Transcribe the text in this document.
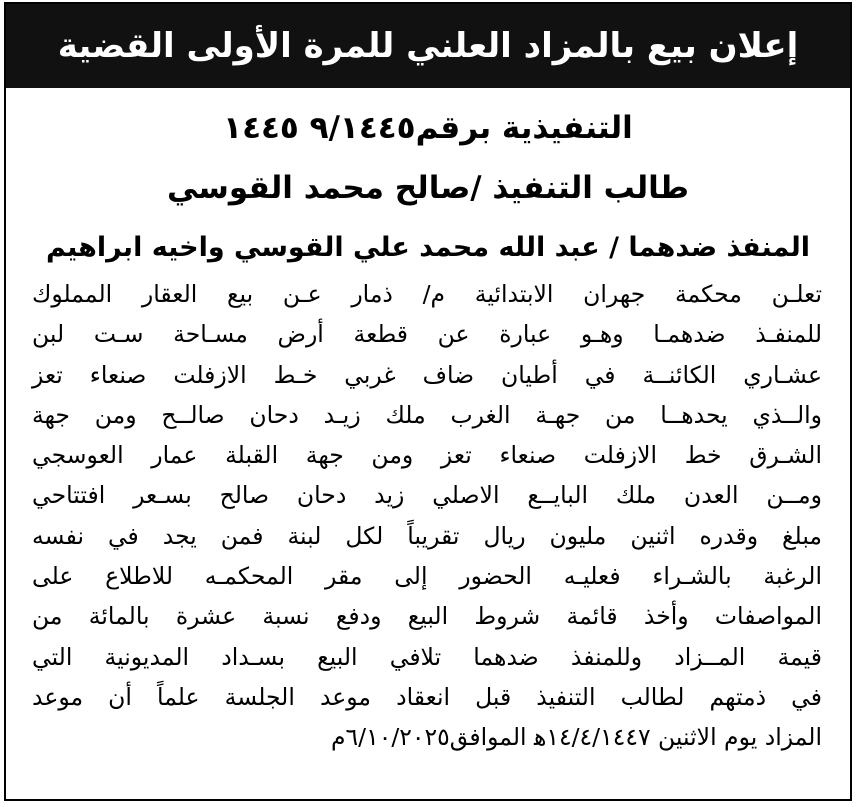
إعلان بيع بالمزاد العلني للمرة الأولى القضية
التنفيذية برقم٩/١٤٤٥ ١٤٤٥
طالب التنفيذ /صالح محمد القوسي
المنفذ ضدهما / عبد الله محمد علي القوسي واخيه ابراهيم
تعلـن محكمة جهران الابتدائية م/ ذمار عـن بيع العقار المملوك
للمنفـذ ضدهمـا وهـو عبارة عن قطعة أرض مسـاحة سـت لبن
عشـاري الكائنــة في أطيان ضاف غربي خـط الازفلت صنعاء تعز
والــذي يحدهــا من جهـة الغرب ملك زيـد دحان صالــح ومن جهة
الشـرق خط الازفلت صنعاء تعز ومن جهة القبلة عمار العوسجي
ومــن العدن ملك البايــع الاصلي زيد دحان صالح بسـعر افتتاحي
مبلغ وقدره اثنين مليون ريال تقريباً لكل لبنة فمن يجد في نفسه
الرغبة بالشـراء فعليـه الحضور إلى مقر المحكمـه للاطلاع على
المواصفات وأخذ قائمة شروط البيع ودفع نسبة عشرة بالمائة من
قيمة المــزاد وللمنفذ ضدهما تلافي البيع بسـداد المديونية التي
في ذمتهم لطالب التنفيذ قبل انعقاد موعد الجلسة علماً أن موعد
المزاد يوم الاثنين ١٤/٤/١٤٤٧ﻫ الموافق٦/١٠/٢٠٢٥م
